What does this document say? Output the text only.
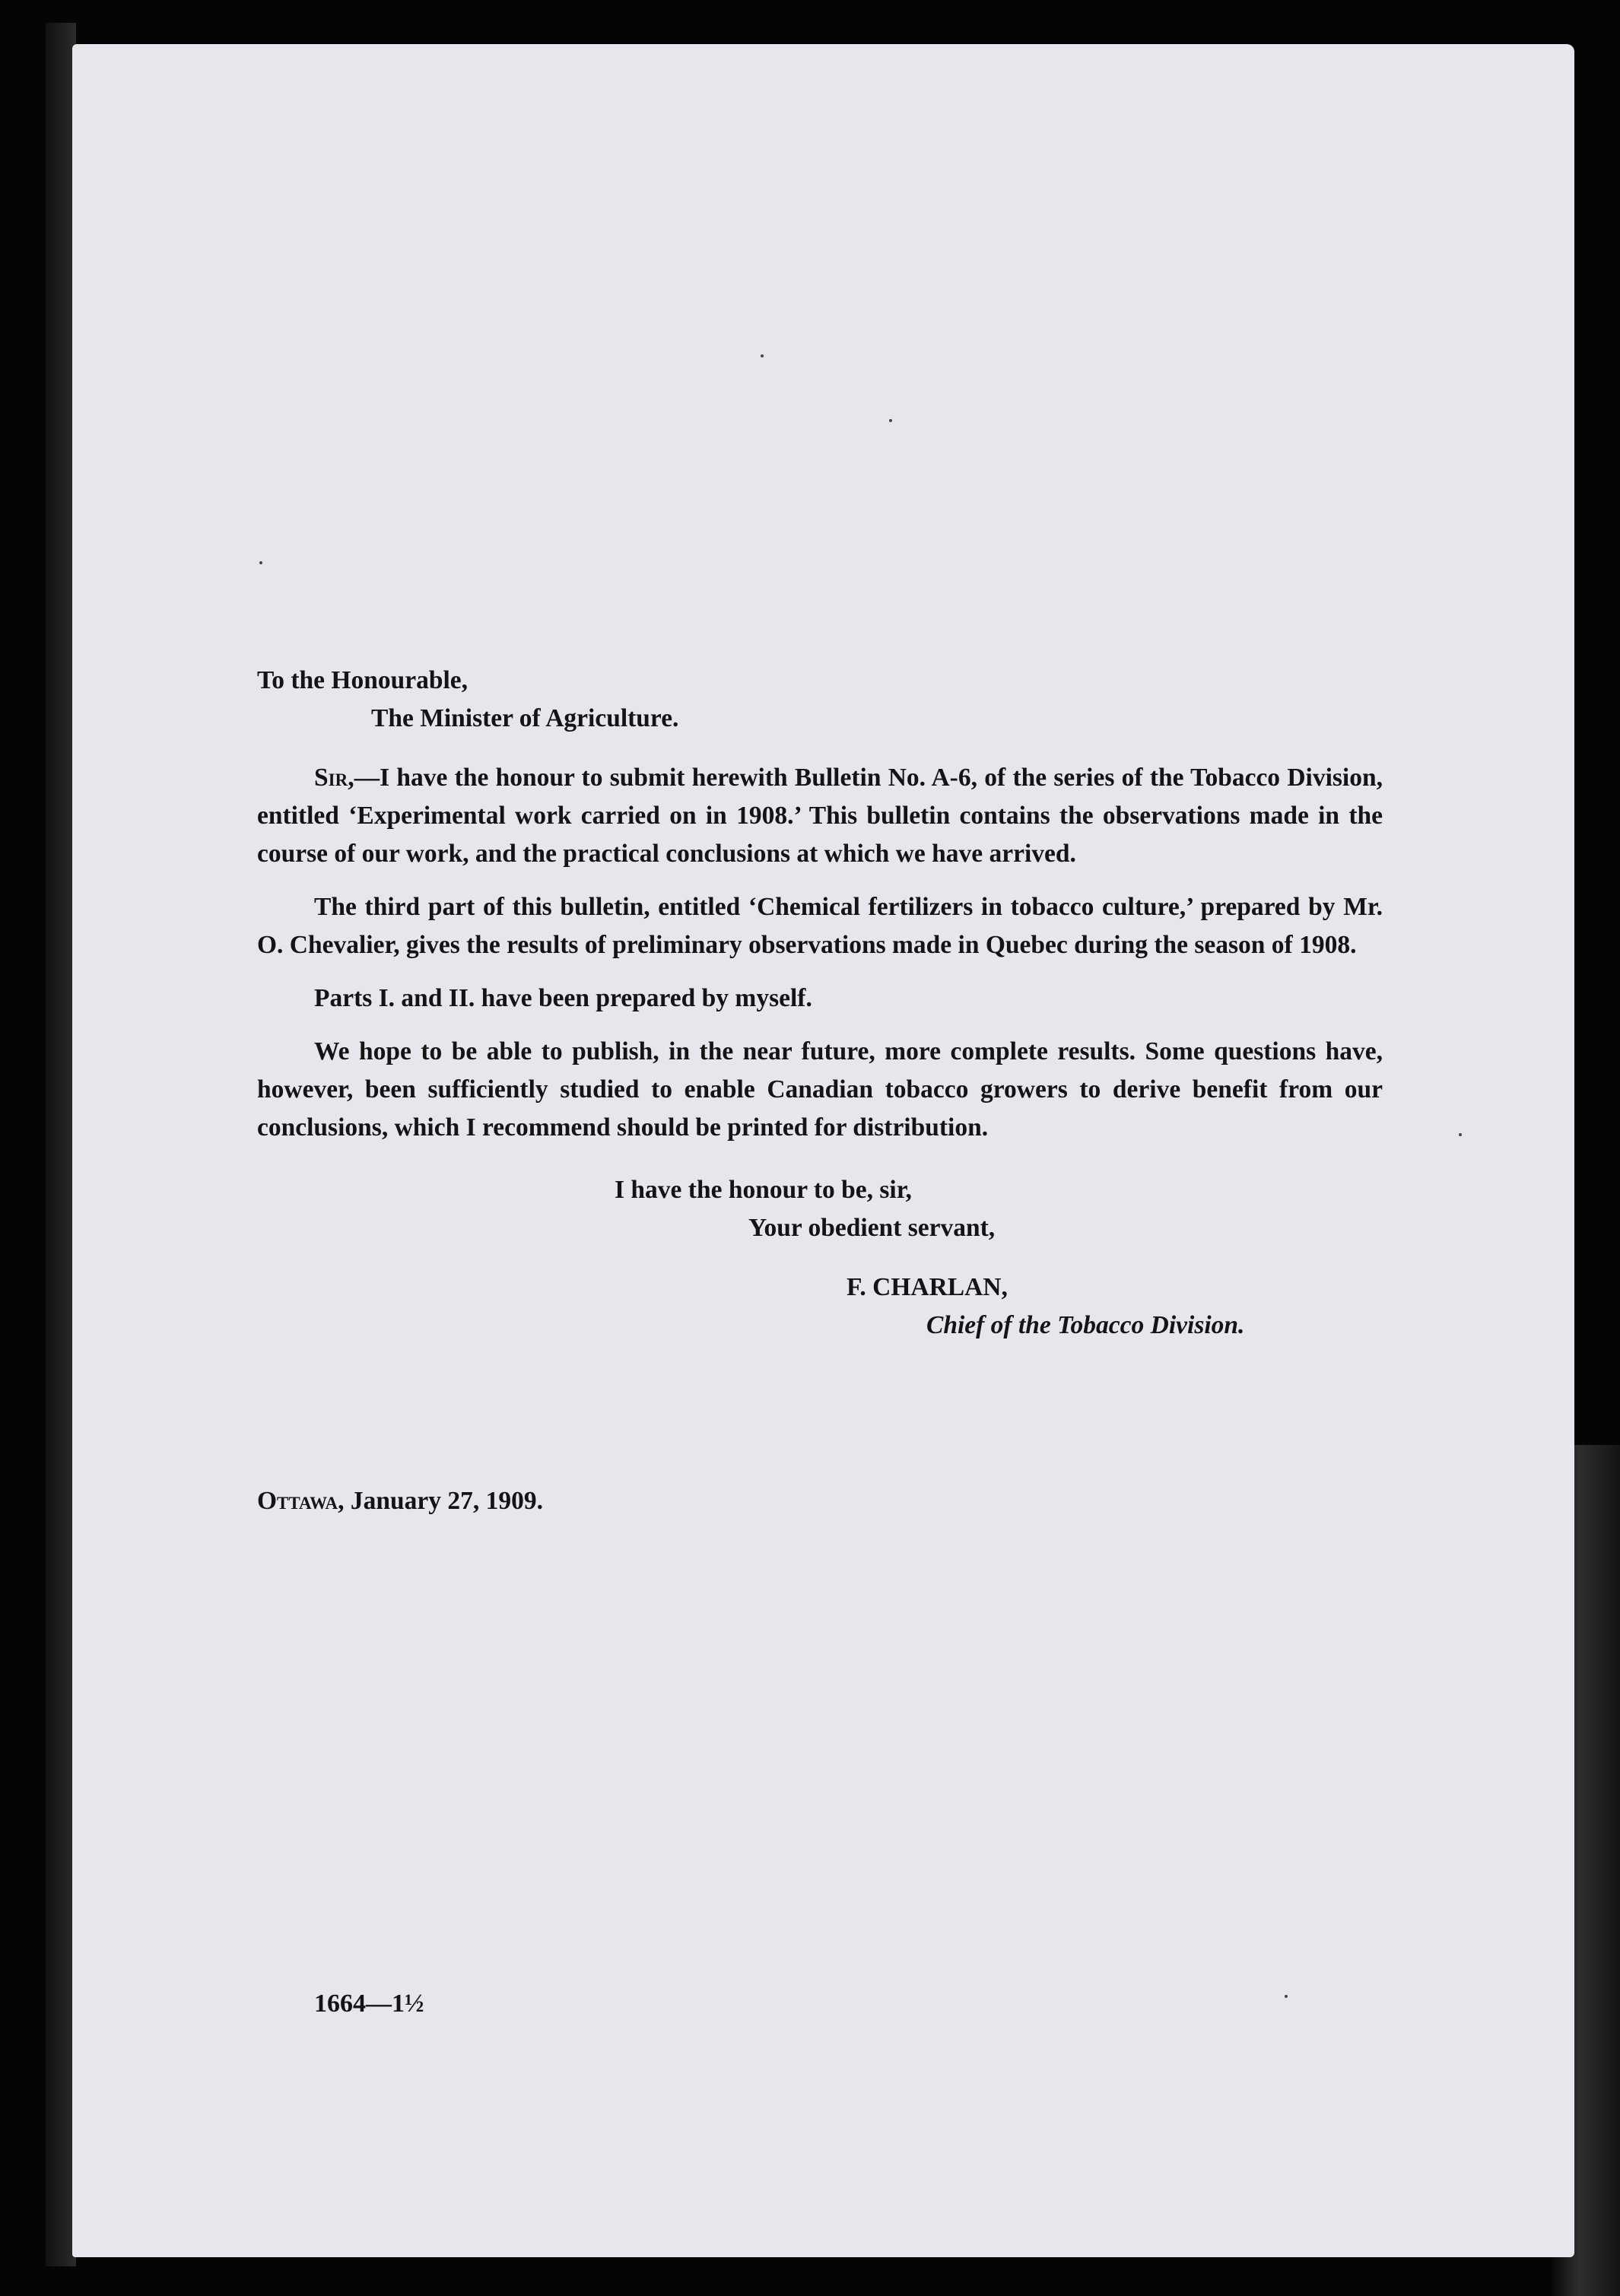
To the Honourable,
The Minister of Agriculture.

Sir,—I have the honour to submit herewith Bulletin No. A-6, of the series of the Tobacco Division, entitled ‘Experimental work carried on in 1908.’ This bulletin contains the observations made in the course of our work, and the practical conclusions at which we have arrived.

The third part of this bulletin, entitled ‘Chemical fertilizers in tobacco culture,’ prepared by Mr. O. Chevalier, gives the results of preliminary observations made in Quebec during the season of 1908.

Parts I. and II. have been prepared by myself.

We hope to be able to publish, in the near future, more complete results. Some questions have, however, been sufficiently studied to enable Canadian tobacco growers to derive benefit from our conclusions, which I recommend should be printed for distribution.

I have the honour to be, sir,
Your obedient servant,
F. CHARLAN,
Chief of the Tobacco Division.
Ottawa, January 27, 1909.
1664—1½
